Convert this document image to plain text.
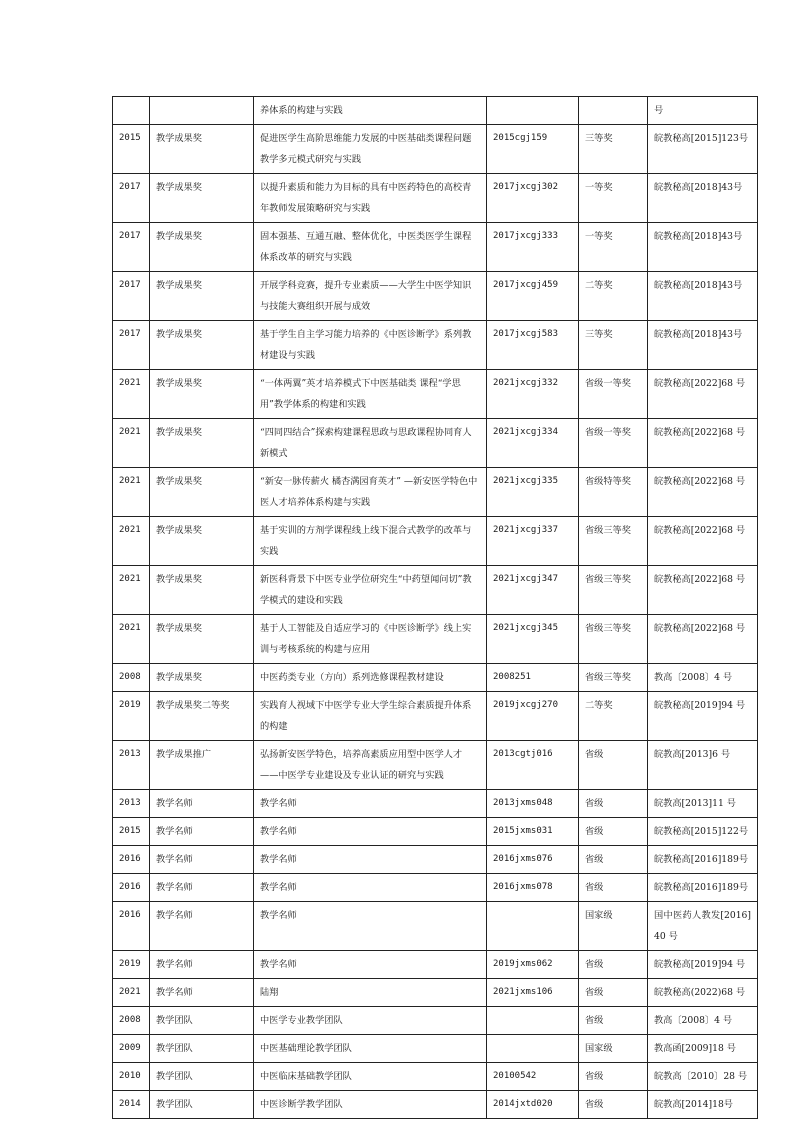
		养体系的构建与实践			号
2015	教学成果奖	促进医学生高阶思维能力发展的中医基础类课程问题教学多元模式研究与实践	2015cgj159	三等奖	皖教秘高[2015]123号
2017	教学成果奖	以提升素质和能力为目标的具有中医药特色的高校青年教师发展策略研究与实践	2017jxcgj302	一等奖	皖教秘高[2018]43号
2017	教学成果奖	固本强基、互通互融、整体优化，中医类医学生课程体系改革的研究与实践	2017jxcgj333	一等奖	皖教秘高[2018]43号
2017	教学成果奖	开展学科竞赛，提升专业素质——大学生中医学知识与技能大赛组织开展与成效	2017jxcgj459	二等奖	皖教秘高[2018]43号
2017	教学成果奖	基于学生自主学习能力培养的《中医诊断学》系列教材建设与实践	2017jxcgj583	三等奖	皖教秘高[2018]43号
2021	教学成果奖	“一体两翼”英才培养模式下中医基础类 课程“学思用”教学体系的构建和实践	2021jxcgj332	省级一等奖	皖教秘高[2022]68 号
2021	教学成果奖	“四同四结合”探索构建课程思政与思政课程协同育人新模式	2021jxcgj334	省级一等奖	皖教秘高[2022]68 号
2021	教学成果奖	“新安一脉传薪火 橘杏满园育英才” —新安医学特色中医人才培养体系构建与实践	2021jxcgj335	省级特等奖	皖教秘高[2022]68 号
2021	教学成果奖	基于实训的方剂学课程线上线下混合式教学的改革与实践	2021jxcgj337	省级三等奖	皖教秘高[2022]68 号
2021	教学成果奖	新医科背景下中医专业学位研究生“中药望闻问切”教学模式的建设和实践	2021jxcgj347	省级三等奖	皖教秘高[2022]68 号
2021	教学成果奖	基于人工智能及自适应学习的《中医诊断学》线上实训与考核系统的构建与应用	2021jxcgj345	省级三等奖	皖教秘高[2022]68 号
2008	教学成果奖	中医药类专业（方向）系列选修课程教材建设	2008251	省级三等奖	教高〔2008〕4 号
2019	教学成果奖二等奖	实践育人视域下中医学专业大学生综合素质提升体系的构建	2019jxcgj270	二等奖	皖教秘高[2019]94 号
2013	教学成果推广	弘扬新安医学特色，培养高素质应用型中医学人才——中医学专业建设及专业认证的研究与实践	2013cgtj016	省级	皖教高[2013]6 号
2013	教学名师	教学名师	2013jxms048	省级	皖教高[2013]11 号
2015	教学名师	教学名师	2015jxms031	省级	皖教秘高[2015]122号
2016	教学名师	教学名师	2016jxms076	省级	皖教秘高[2016]189号
2016	教学名师	教学名师	2016jxms078	省级	皖教秘高[2016]189号
2016	教学名师	教学名师		国家级	国中医药人教发[2016]40 号
2019	教学名师	教学名师	2019jxms062	省级	皖教秘高[2019]94 号
2021	教学名师	陆翔	2021jxms106	省级	皖教秘高(2022)68 号
2008	教学团队	中医学专业教学团队		省级	教高〔2008〕4 号
2009	教学团队	中医基础理论教学团队		国家级	教高函[2009]18 号
2010	教学团队	中医临床基础教学团队	20100542	省级	皖教高〔2010〕28 号
2014	教学团队	中医诊断学教学团队	2014jxtd020	省级	皖教高[2014]18号
